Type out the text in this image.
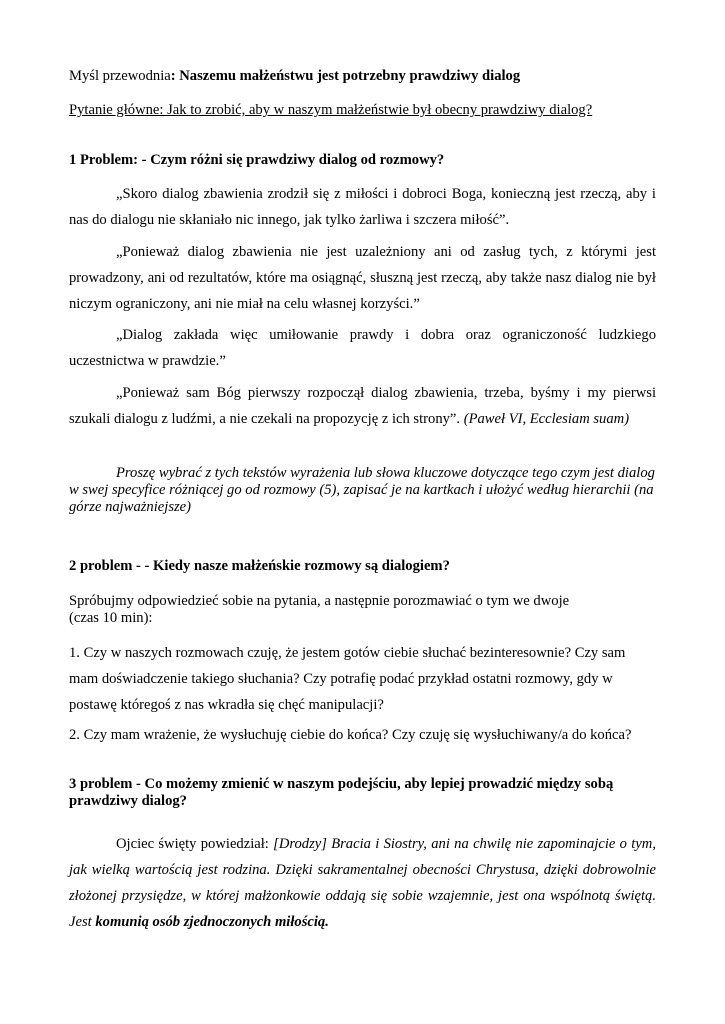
Myśl przewodnia: Naszemu małżeństwu jest potrzebny prawdziwy dialog

Pytanie główne: Jak to zrobić, aby w naszym małżeństwie był obecny prawdziwy dialog?

1 Problem: - Czym różni się prawdziwy dialog od rozmowy?

„Skoro dialog zbawienia zrodził się z miłości i dobroci Boga, konieczną jest rzeczą, aby i nas do dialogu nie skłaniało nic innego, jak tylko żarliwa i szczera miłość”.

„Ponieważ dialog zbawienia nie jest uzależniony ani od zasług tych, z którymi jest prowadzony, ani od rezultatów, które ma osiągnąć, słuszną jest rzeczą, aby także nasz dialog nie był niczym ograniczony, ani nie miał na celu własnej korzyści.”

„Dialog zakłada więc umiłowanie prawdy i dobra oraz ograniczoność ludzkiego uczestnictwa w prawdzie.”

„Ponieważ sam Bóg pierwszy rozpoczął dialog zbawienia, trzeba, byśmy i my pierwsi szukali dialogu z ludźmi, a nie czekali na propozycję z ich strony”. (Paweł VI, Ecclesiam suam)

Proszę wybrać z tych tekstów wyrażenia lub słowa kluczowe dotyczące tego czym jest dialog w swej specyfice różniącej go od rozmowy (5), zapisać je na kartkach i ułożyć według hierarchii (na górze najważniejsze)

2 problem - - Kiedy nasze małżeńskie rozmowy są dialogiem?

Spróbujmy odpowiedzieć sobie na pytania, a następnie porozmawiać o tym we dwoje
(czas 10 min):

1. Czy w naszych rozmowach czuję, że jestem gotów ciebie słuchać bezinteresownie? Czy sam mam doświadczenie takiego słuchania? Czy potrafię podać przykład ostatni rozmowy, gdy w postawę któregoś z nas wkradła się chęć manipulacji?

2. Czy mam wrażenie, że wysłuchuję ciebie do końca? Czy czuję się wysłuchiwany/a do końca?

3 problem - Co możemy zmienić w naszym podejściu, aby lepiej prowadzić między sobą prawdziwy dialog?

Ojciec święty powiedział: [Drodzy] Bracia i Siostry, ani na chwilę nie zapominajcie o tym, jak wielką wartością jest rodzina. Dzięki sakramentalnej obecności Chrystusa, dzięki dobrowolnie złożonej przysiędze, w której małżonkowie oddają się sobie wzajemnie, jest ona wspólnotą świętą. Jest komunią osób zjednoczonych miłością.
